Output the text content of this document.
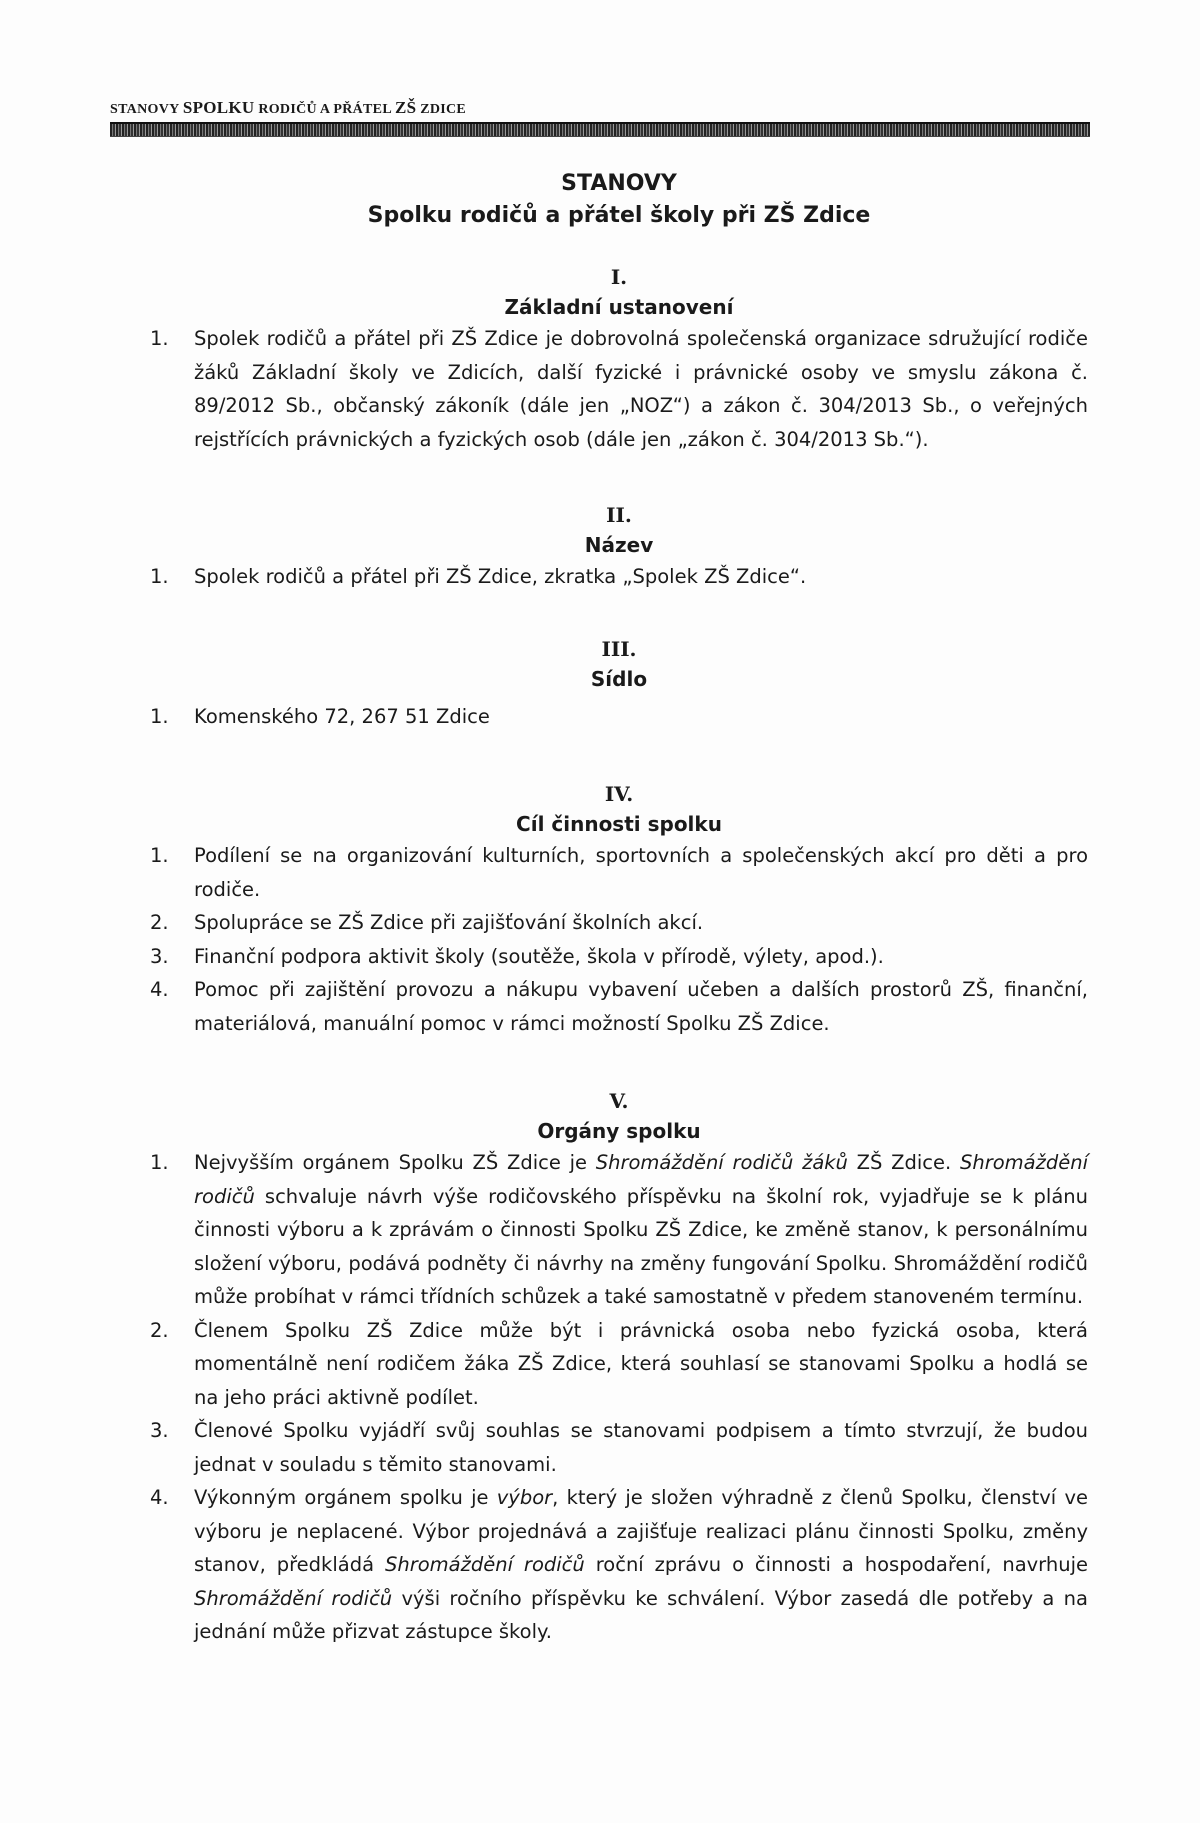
STANOVY SPOLKU RODIČŮ A PŘÁTEL ZŠ ZDICE
STANOVY
Spolku rodičů a přátel školy při ZŠ Zdice
I.
Základní ustanovení
1. Spolek rodičů a přátel při ZŠ Zdice je dobrovolná společenská organizace sdružující rodiče žáků Základní školy ve Zdicích, další fyzické i právnické osoby ve smyslu zákona č. 89/2012 Sb., občanský zákoník (dále jen „NOZ“) a zákon č. 304/2013 Sb., o veřejných rejstřících právnických a fyzických osob (dále jen „zákon č. 304/2013 Sb.“).
II.
Název
1. Spolek rodičů a přátel při ZŠ Zdice, zkratka „Spolek ZŠ Zdice“.
III.
Sídlo
1. Komenského 72, 267 51 Zdice
IV.
Cíl činnosti spolku
1. Podílení se na organizování kulturních, sportovních a společenských akcí pro děti a pro rodiče.
2. Spolupráce se ZŠ Zdice při zajišťování školních akcí.
3. Finanční podpora aktivit školy (soutěže, škola v přírodě, výlety, apod.).
4. Pomoc při zajištění provozu a nákupu vybavení učeben a dalších prostorů ZŠ, finanční, materiálová, manuální pomoc v rámci možností Spolku ZŠ Zdice.
V.
Orgány spolku
1. Nejvyšším orgánem Spolku ZŠ Zdice je Shromáždění rodičů žáků ZŠ Zdice. Shromáždění rodičů schvaluje návrh výše rodičovského příspěvku na školní rok, vyjadřuje se k plánu činnosti výboru a k zprávám o činnosti Spolku ZŠ Zdice, ke změně stanov, k personálnímu složení výboru, podává podněty či návrhy na změny fungování Spolku. Shromáždění rodičů může probíhat v rámci třídních schůzek a také samostatně v předem stanoveném termínu.
2. Členem Spolku ZŠ Zdice může být i právnická osoba nebo fyzická osoba, která momentálně není rodičem žáka ZŠ Zdice, která souhlasí se stanovami Spolku a hodlá se na jeho práci aktivně podílet.
3. Členové Spolku vyjádří svůj souhlas se stanovami podpisem a tímto stvrzují, že budou jednat v souladu s těmito stanovami.
4. Výkonným orgánem spolku je výbor, který je složen výhradně z členů Spolku, členství ve výboru je neplacené. Výbor projednává a zajišťuje realizaci plánu činnosti Spolku, změny stanov, předkládá Shromáždění rodičů roční zprávu o činnosti a hospodaření, navrhuje Shromáždění rodičů výši ročního příspěvku ke schválení. Výbor zasedá dle potřeby a na jednání může přizvat zástupce školy.
